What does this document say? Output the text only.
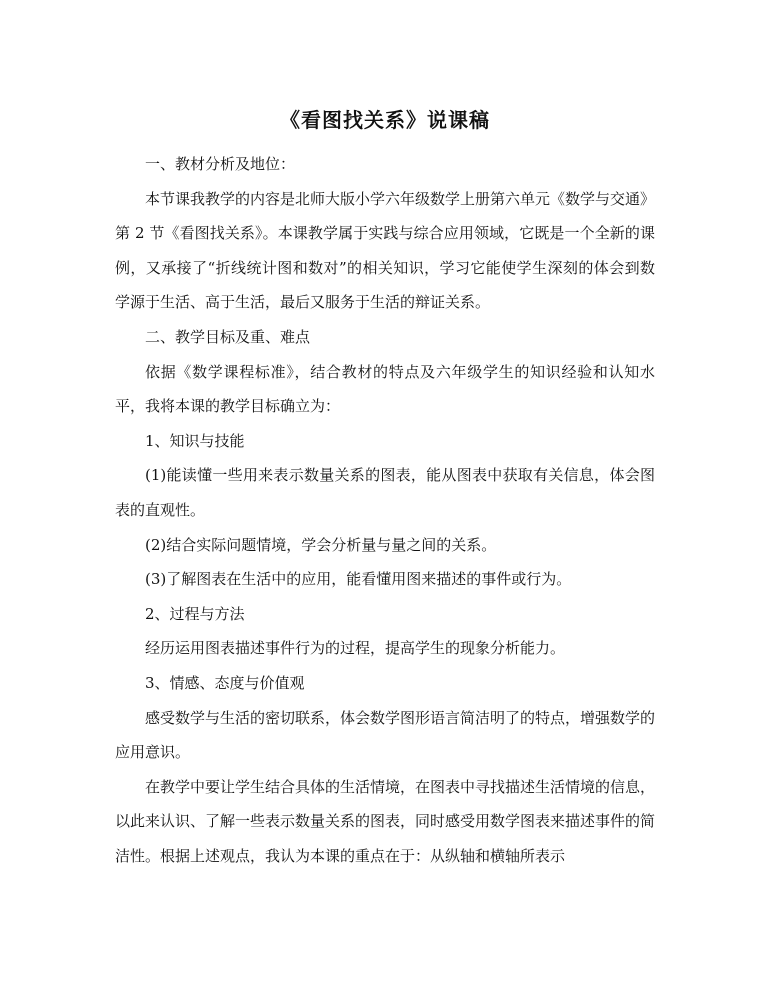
《看图找关系》说课稿

一、教材分析及地位：

本节课我教学的内容是北师大版小学六年级数学上册第六单元《数学与交通》第 2 节《看图找关系》。本课教学属于实践与综合应用领域，它既是一个全新的课例，又承接了“折线统计图和数对”的相关知识，学习它能使学生深刻的体会到数学源于生活、高于生活，最后又服务于生活的辩证关系。

二、教学目标及重、难点

依据《数学课程标准》，结合教材的特点及六年级学生的知识经验和认知水平，我将本课的教学目标确立为：

1、知识与技能

(1)能读懂一些用来表示数量关系的图表，能从图表中获取有关信息，体会图表的直观性。

(2)结合实际问题情境，学会分析量与量之间的关系。

(3)了解图表在生活中的应用，能看懂用图来描述的事件或行为。

2、过程与方法

经历运用图表描述事件行为的过程，提高学生的现象分析能力。

3、情感、态度与价值观

感受数学与生活的密切联系，体会数学图形语言简洁明了的特点，增强数学的应用意识。

在教学中要让学生结合具体的生活情境，在图表中寻找描述生活情境的信息，以此来认识、了解一些表示数量关系的图表，同时感受用数学图表来描述事件的简洁性。根据上述观点，我认为本课的重点在于：从纵轴和横轴所表示
